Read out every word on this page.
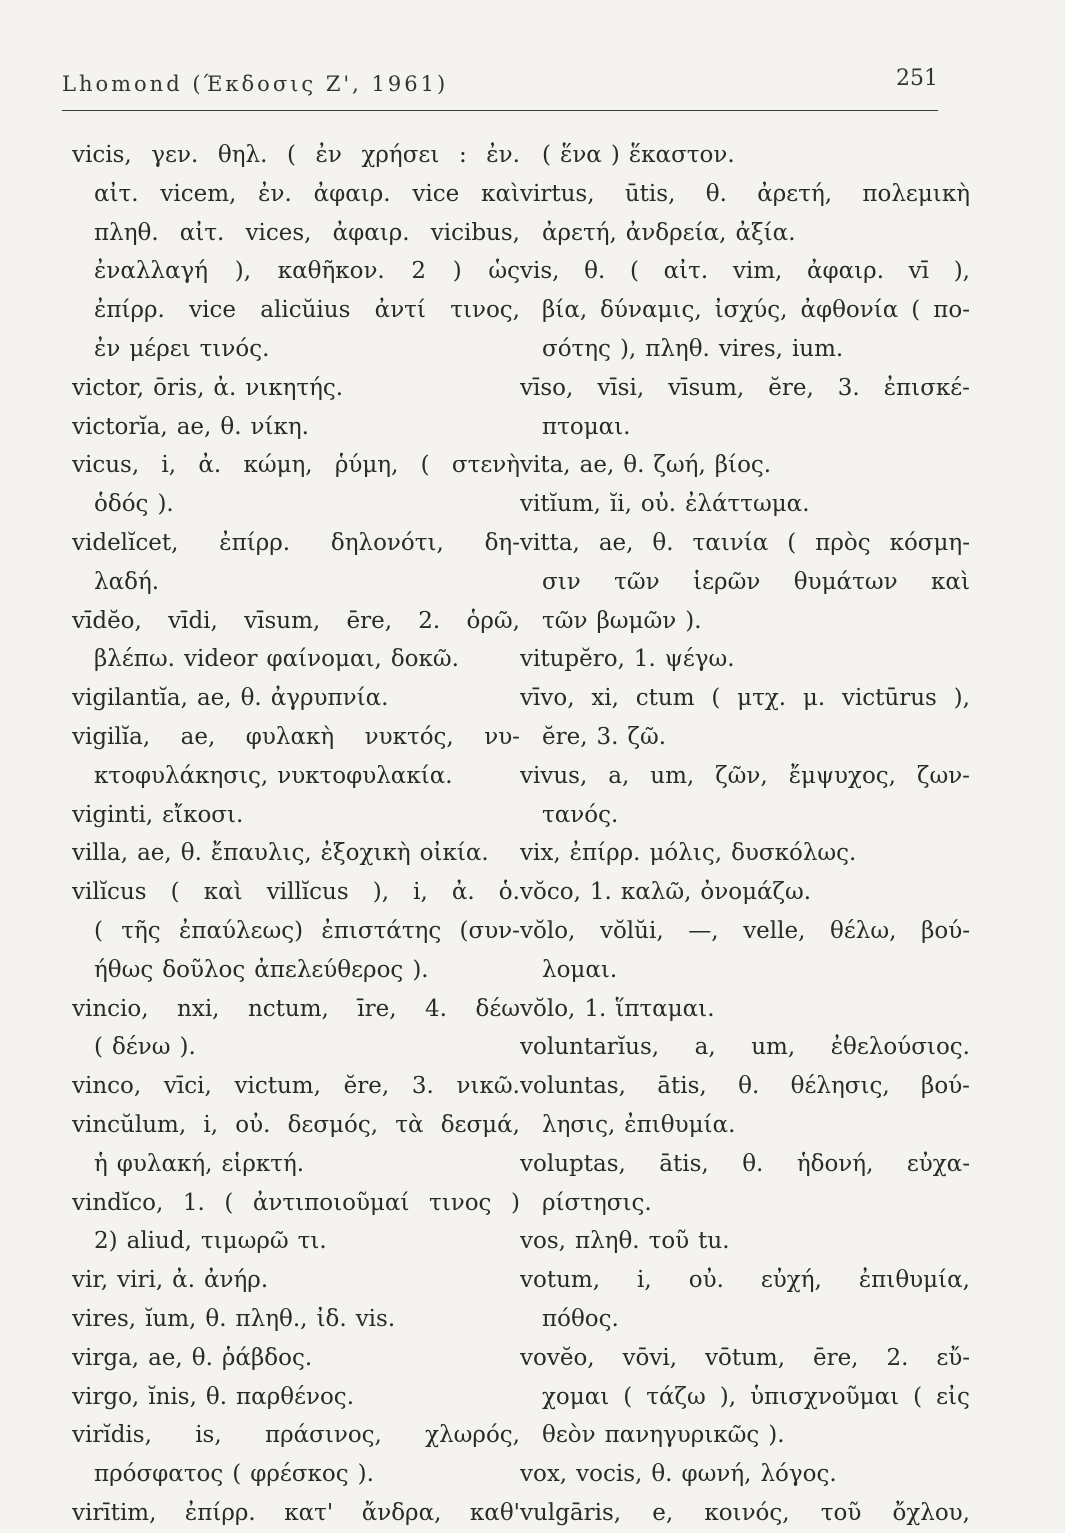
Lhomond (Έκδοσις Ζ', 1961)	251
vicis, γεν. θηλ. ( ἐν χρήσει : ἐν.
αἰτ. vicem, ἐν. ἀφαιρ. vice καὶ
πληθ. αἰτ. vices, ἀφαιρ. vicibus,
ἐναλλαγή ), καθῆκον. 2 ) ὡς
ἐπίρρ. vice alicŭius ἀντί τινος,
ἐν μέρει τινός.
victor, ōris, ἀ. νικητής.
victorĭa, ae, θ. νίκη.
vicus, i, ἀ. κώμη, ῥύμη, ( στενὴ
ὁδός ).
videlĭcet, ἐπίρρ. δηλονότι, δη-
λαδή.
vīdĕo, vīdi, vīsum, ēre, 2. ὁρῶ,
βλέπω. videor φαίνομαι, δοκῶ.
vigilantĭa, ae, θ. ἀγρυπνία.
vigilĭa, ae, φυλακὴ νυκτός, νυ-
κτοφυλάκησις, νυκτοφυλακία.
viginti, εἴκοσι.
villa, ae, θ. ἔπαυλις, ἐξοχικὴ οἰκία.
vilĭcus ( καὶ villĭcus ), i, ἀ. ὁ.
( τῆς ἐπαύλεως) ἐπιστάτης (συν-
ήθως δοῦλος ἀπελεύθερος ).
vincio, nxi, nctum, īre, 4. δέω
( δένω ).
vinco, vīci, victum, ĕre, 3. νικῶ.
vincŭlum, i, οὐ. δεσμός, τὰ δεσμά,
ἡ φυλακή, εἱρκτή.
vindĭco, 1. ( ἀντιποιοῦμαί τινος )
2) aliud, τιμωρῶ τι.
vir, viri, ἀ. ἀνήρ.
vires, ĭum, θ. πληθ., ἰδ. vis.
virga, ae, θ. ῥάβδος.
virgo, ĭnis, θ. παρθένος.
virĭdis, is, πράσινος, χλωρός,
πρόσφατος ( φρέσκος ).
virītim, ἐπίρρ. κατ' ἄνδρα, καθ'
( ἕνα ) ἕκαστον.
virtus, ūtis, θ. ἀρετή, πολεμικὴ
ἀρετή, ἀνδρεία, ἀξία.
vis, θ. ( αἰτ. vim, ἀφαιρ. vī ),
βία, δύναμις, ἰσχύς, ἀφθονία ( πο-
σότης ), πληθ. vires, ium.
vīso, vīsi, vīsum, ĕre, 3. ἐπισκέ-
πτομαι.
vita, ae, θ. ζωή, βίος.
vitĭum, ĭi, οὐ. ἐλάττωμα.
vitta, ae, θ. ταινία ( πρὸς κόσμη-
σιν τῶν ἱερῶν θυμάτων καὶ
τῶν βωμῶν ).
vitupĕro, 1. ψέγω.
vīvo, xi, ctum ( μτχ. μ. victūrus ),
ĕre, 3. ζῶ.
vivus, a, um, ζῶν, ἔμψυχος, ζων-
τανός.
vix, ἐπίρρ. μόλις, δυσκόλως.
vŏco, 1. καλῶ, ὀνομάζω.
vŏlo, vŏlŭi, —, velle, θέλω, βού-
λομαι.
vŏlo, 1. ἵπταμαι.
voluntarĭus, a, um, ἐθελούσιος.
voluntas, ātis, θ. θέλησις, βού-
λησις, ἐπιθυμία.
voluptas, ātis, θ. ἡδονή, εὐχα-
ρίστησις.
vos, πληθ. τοῦ tu.
votum, i, οὐ. εὐχή, ἐπιθυμία,
πόθος.
vovĕo, vōvi, vōtum, ēre, 2. εὔ-
χομαι ( τάζω ), ὑπισχνοῦμαι ( εἰς
θεὸν πανηγυρικῶς ).
vox, vocis, θ. φωνή, λόγος.
vulgāris, e, κοινός, τοῦ ὄχλου,
